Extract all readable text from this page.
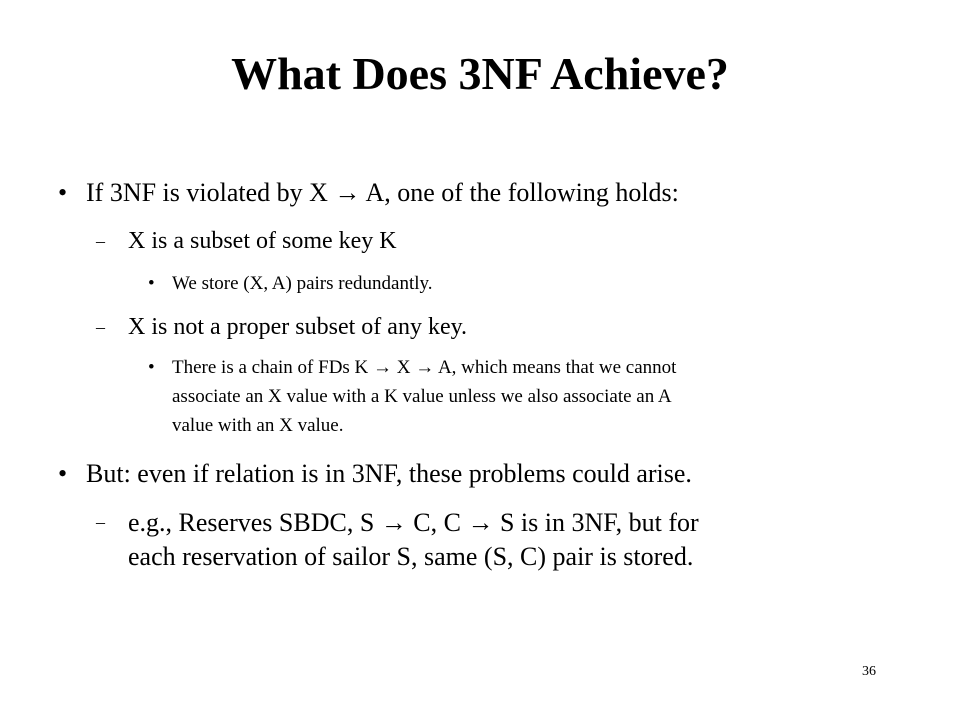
What Does 3NF Achieve?
• If 3NF is violated by X → A, one of the following holds:
– X is a subset of some key K
• We store (X, A) pairs redundantly.
– X is not a proper subset of any key.
• There is a chain of FDs K → X → A, which means that we cannot
associate an X value with a K value unless we also associate an A
value with an X value.
• But: even if relation is in 3NF, these problems could arise.
– e.g., Reserves SBDC, S → C, C → S is in 3NF, but for
each reservation of sailor S, same (S, C) pair is stored.
36
